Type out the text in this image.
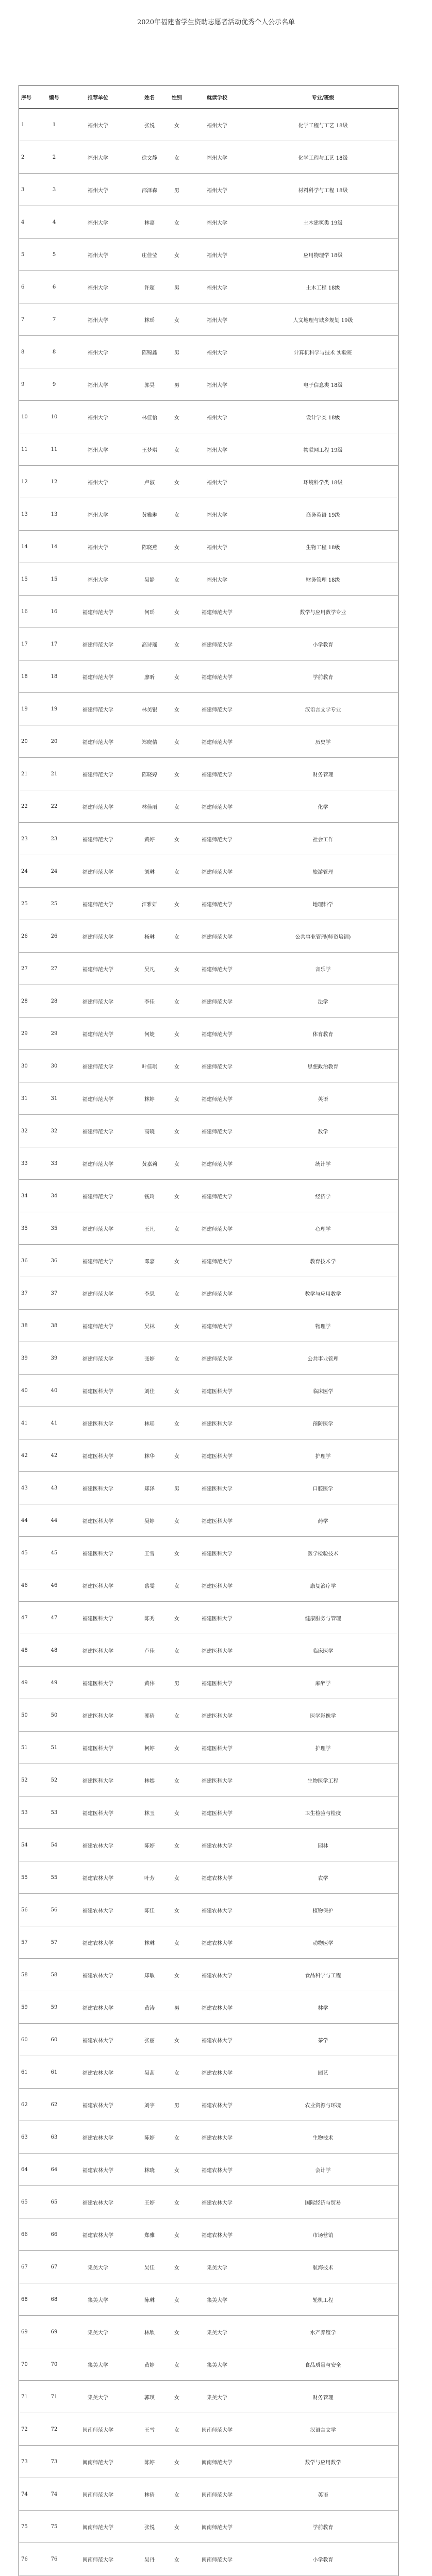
2020年福建省学生资助志愿者活动优秀个人公示名单
序号	编号	推荐单位	姓名	性别	就读学校	专业/班级
1	1	福州大学	张悦	女	福州大学	化学工程与工艺 18级
2	2	福州大学	徐文静	女	福州大学	化学工程与工艺 18级
3	3	福州大学	邵泽森	男	福州大学	材料科学与工程 18级
4	4	福州大学	林嘉	女	福州大学	土木建筑类 19级
5	5	福州大学	庄佳莹	女	福州大学	应用物理学 18级
6	6	福州大学	许超	男	福州大学	土木工程 18级
7	7	福州大学	林瑶	女	福州大学	人文地理与城乡规划 19级
8	8	福州大学	陈锦鑫	男	福州大学	计算机科学与技术 实验班
9	9	福州大学	郭昊	男	福州大学	电子信息类 18级
10	10	福州大学	林佳怡	女	福州大学	设计学类 18级
11	11	福州大学	王梦琪	女	福州大学	物联网工程 19级
12	12	福州大学	卢淑	女	福州大学	环境科学类 18级
13	13	福州大学	黄雅琳	女	福州大学	商务英语 19级
14	14	福州大学	陈晓燕	女	福州大学	生物工程 18级
15	15	福州大学	吴静	女	福州大学	财务管理 18级
16	16	福建师范大学	何瑶	女	福建师范大学	数学与应用数学专业
17	17	福建师范大学	高诗瑶	女	福建师范大学	小学教育
18	18	福建师范大学	廖昕	女	福建师范大学	学前教育
19	19	福建师范大学	林美银	女	福建师范大学	汉语言文学专业
20	20	福建师范大学	郑晓倩	女	福建师范大学	历史学
21	21	福建师范大学	陈晓婷	女	福建师范大学	财务管理
22	22	福建师范大学	林佳丽	女	福建师范大学	化学
23	23	福建师范大学	黄婷	女	福建师范大学	社会工作
24	24	福建师范大学	刘琳	女	福建师范大学	旅游管理
25	25	福建师范大学	江雅妍	女	福建师范大学	地理科学
26	26	福建师范大学	杨琳	女	福建师范大学	公共事业管理(师资培训)
27	27	福建师范大学	吴凡	女	福建师范大学	音乐学
28	28	福建师范大学	李佳	女	福建师范大学	法学
29	29	福建师范大学	何婕	女	福建师范大学	体育教育
30	30	福建师范大学	叶佳琪	女	福建师范大学	思想政治教育
31	31	福建师范大学	林婷	女	福建师范大学	英语
32	32	福建师范大学	高晓	女	福建师范大学	数学
33	33	福建师范大学	黄嘉莉	女	福建师范大学	统计学
34	34	福建师范大学	钱玲	女	福建师范大学	经济学
35	35	福建师范大学	王凡	女	福建师范大学	心理学
36	36	福建师范大学	邓嘉	女	福建师范大学	教育技术学
37	37	福建师范大学	李思	女	福建师范大学	数学与应用数学
38	38	福建师范大学	吴林	女	福建师范大学	物理学
39	39	福建师范大学	张婷	女	福建师范大学	公共事业管理
40	40	福建医科大学	刘佳	女	福建医科大学	临床医学
41	41	福建医科大学	林瑶	女	福建医科大学	预防医学
42	42	福建医科大学	林华	女	福建医科大学	护理学
43	43	福建医科大学	郑泽	男	福建医科大学	口腔医学
44	44	福建医科大学	吴婷	女	福建医科大学	药学
45	45	福建医科大学	王雪	女	福建医科大学	医学检验技术
46	46	福建医科大学	蔡雯	女	福建医科大学	康复治疗学
47	47	福建医科大学	陈秀	女	福建医科大学	健康服务与管理
48	48	福建医科大学	卢佳	女	福建医科大学	临床医学
49	49	福建医科大学	黄伟	男	福建医科大学	麻醉学
50	50	福建医科大学	郭倩	女	福建医科大学	医学影像学
51	51	福建医科大学	柯婷	女	福建医科大学	护理学
52	52	福建医科大学	林嫣	女	福建医科大学	生物医学工程
53	53	福建医科大学	林玉	女	福建医科大学	卫生检验与检疫
54	54	福建农林大学	陈婷	女	福建农林大学	园林
55	55	福建农林大学	叶芳	女	福建农林大学	农学
56	56	福建农林大学	陈佳	女	福建农林大学	植物保护
57	57	福建农林大学	林琳	女	福建农林大学	动物医学
58	58	福建农林大学	郑敏	女	福建农林大学	食品科学与工程
59	59	福建农林大学	黄涛	男	福建农林大学	林学
60	60	福建农林大学	张丽	女	福建农林大学	茶学
61	61	福建农林大学	吴茜	女	福建农林大学	园艺
62	62	福建农林大学	刘宇	男	福建农林大学	农业资源与环境
63	63	福建农林大学	陈婷	女	福建农林大学	生物技术
64	64	福建农林大学	林晓	女	福建农林大学	会计学
65	65	福建农林大学	王婷	女	福建农林大学	国际经济与贸易
66	66	福建农林大学	郑雅	女	福建农林大学	市场营销
67	67	集美大学	吴佳	女	集美大学	航海技术
68	68	集美大学	陈琳	女	集美大学	轮机工程
69	69	集美大学	林欣	女	集美大学	水产养殖学
70	70	集美大学	黄婷	女	集美大学	食品质量与安全
71	71	集美大学	郭琪	女	集美大学	财务管理
72	72	闽南师范大学	王雪	女	闽南师范大学	汉语言文学
73	73	闽南师范大学	陈婷	女	闽南师范大学	数学与应用数学
74	74	闽南师范大学	林倩	女	闽南师范大学	英语
75	75	闽南师范大学	张悦	女	闽南师范大学	学前教育
76	76	闽南师范大学	吴丹	女	闽南师范大学	小学教育
